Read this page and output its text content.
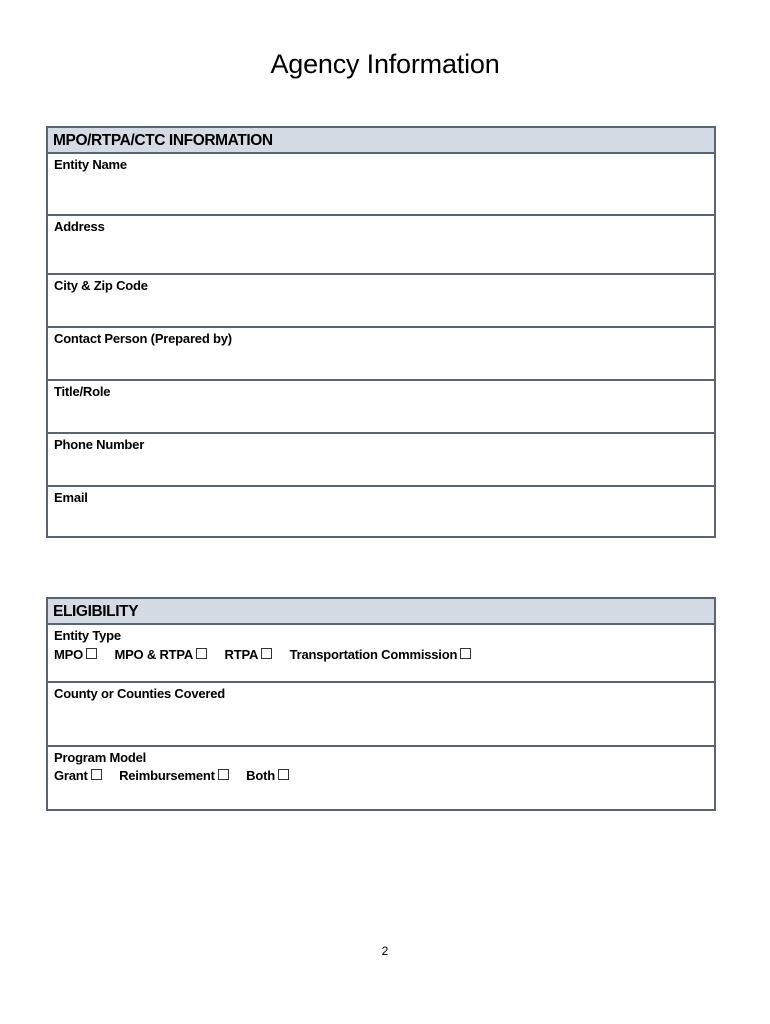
Agency Information
MPO/RTPA/CTC INFORMATION
Entity Name
Address
City & Zip Code
Contact Person (Prepared by)
Title/Role
Phone Number
Email
ELIGIBILITY
Entity Type
MPO MPO & RTPA RTPA Transportation Commission
County or Counties Covered
Program Model
Grant Reimbursement Both
2
